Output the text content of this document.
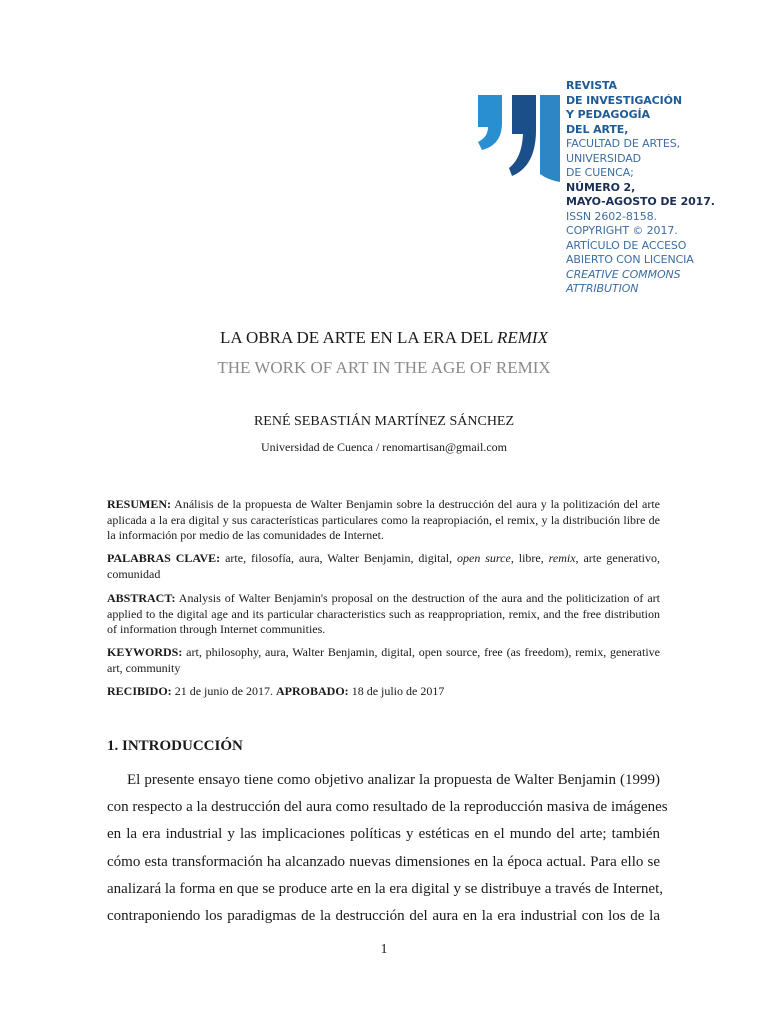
REVISTA
DE INVESTIGACIÓN
Y PEDAGOGÍA
DEL ARTE,
FACULTAD DE ARTES,
UNIVERSIDAD
DE CUENCA;
NÚMERO 2,
MAYO-AGOSTO DE 2017.
ISSN 2602-8158.
COPYRIGHT © 2017.
ARTÍCULO DE ACCESO
ABIERTO CON LICENCIA
CREATIVE COMMONS
ATTRIBUTION
LA OBRA DE ARTE EN LA ERA DEL REMIX
THE WORK OF ART IN THE AGE OF REMIX
RENÉ SEBASTIÁN MARTÍNEZ SÁNCHEZ
Universidad de Cuenca / renomartisan@gmail.com
RESUMEN: Análisis de la propuesta de Walter Benjamin sobre la destrucción del aura y la politización del arte aplicada a la era digital y sus características particulares como la reapropiación, el remix, y la distribución libre de la información por medio de las comunidades de Internet.
PALABRAS CLAVE: arte, filosofía, aura, Walter Benjamin, digital, open surce, libre, remix, arte generativo, comunidad
ABSTRACT: Analysis of Walter Benjamin's proposal on the destruction of the aura and the politicization of art applied to the digital age and its particular characteristics such as reappropriation, remix, and the free distribution of information through Internet communities.
KEYWORDS: art, philosophy, aura, Walter Benjamin, digital, open source, free (as freedom), remix, generative art, community
RECIBIDO: 21 de junio de 2017. APROBADO: 18 de julio de 2017
1. INTRODUCCIÓN
El presente ensayo tiene como objetivo analizar la propuesta de Walter Benjamin (1999)
con respecto a la destrucción del aura como resultado de la reproducción masiva de imágenes
en la era industrial y las implicaciones políticas y estéticas en el mundo del arte; también
cómo esta transformación ha alcanzado nuevas dimensiones en la época actual. Para ello se
analizará la forma en que se produce arte en la era digital y se distribuye a través de Internet,
contraponiendo los paradigmas de la destrucción del aura en la era industrial con los de la
1
